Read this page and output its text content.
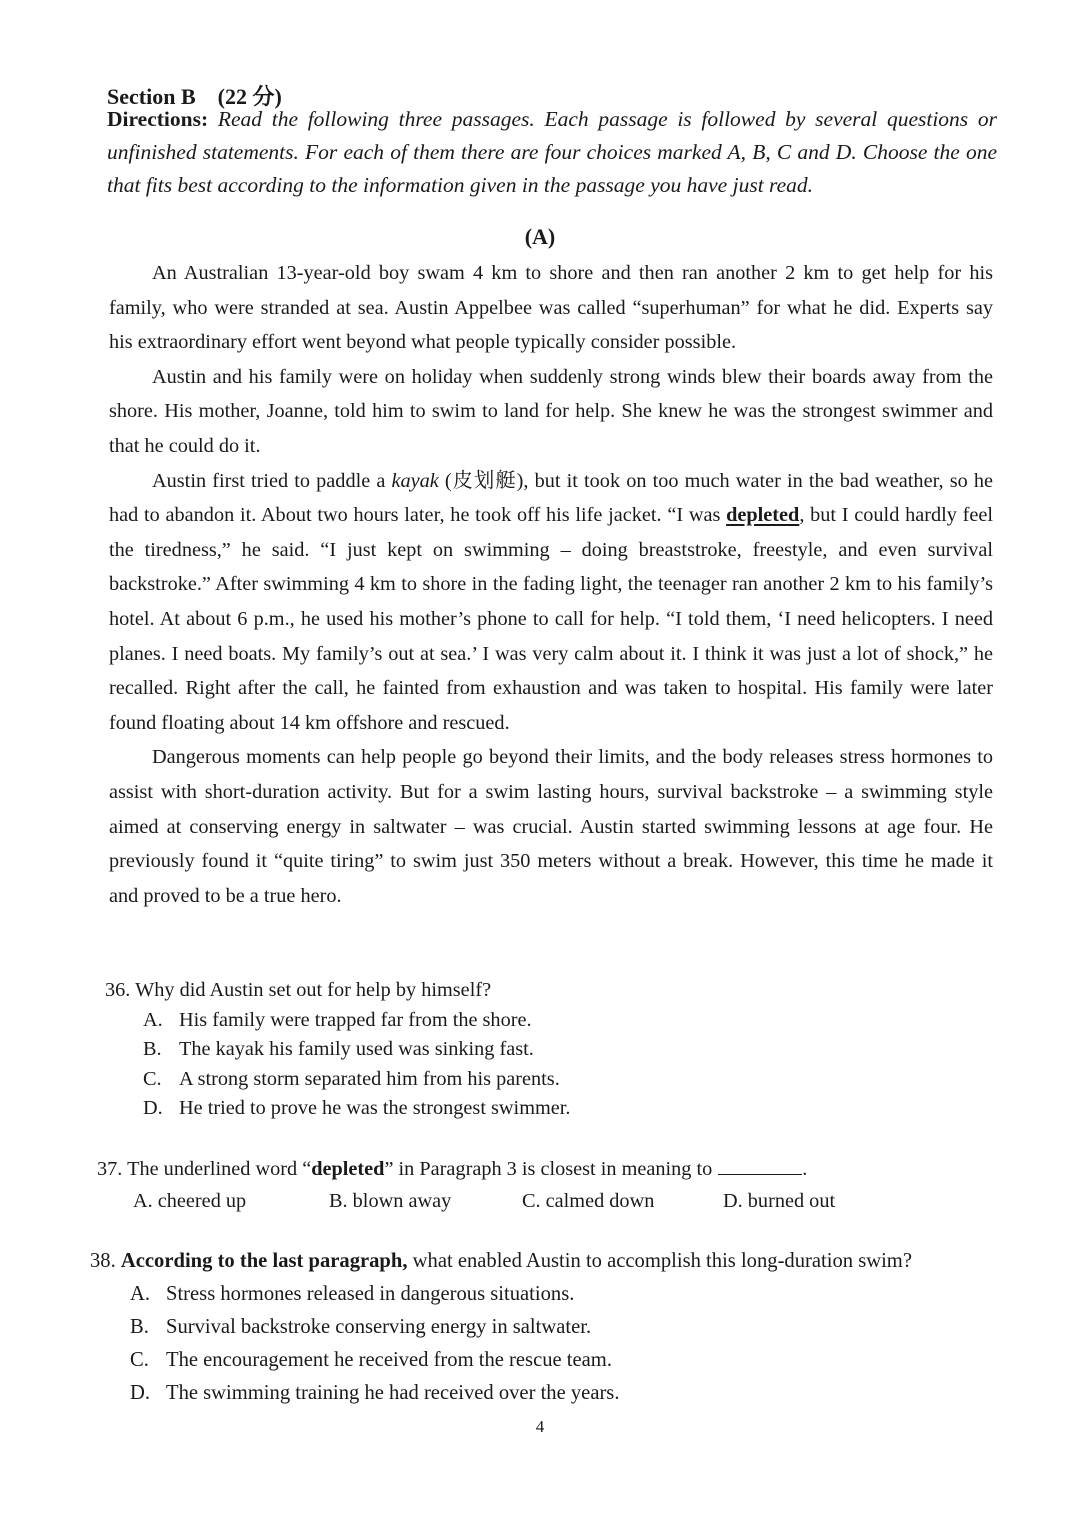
Section B (22 分)
Directions: Read the following three passages. Each passage is followed by several questions or unfinished statements. For each of them there are four choices marked A, B, C and D. Choose the one that fits best according to the information given in the passage you have just read.
(A)

An Australian 13-year-old boy swam 4 km to shore and then ran another 2 km to get help for his family, who were stranded at sea. Austin Appelbee was called “superhuman” for what he did. Experts say his extraordinary effort went beyond what people typically consider possible.

Austin and his family were on holiday when suddenly strong winds blew their boards away from the shore. His mother, Joanne, told him to swim to land for help. She knew he was the strongest swimmer and that he could do it.

Austin first tried to paddle a kayak (皮划艇), but it took on too much water in the bad weather, so he had to abandon it. About two hours later, he took off his life jacket. “I was depleted, but I could hardly feel the tiredness,” he said. “I just kept on swimming – doing breaststroke, freestyle, and even survival backstroke.” After swimming 4 km to shore in the fading light, the teenager ran another 2 km to his family’s hotel. At about 6 p.m., he used his mother’s phone to call for help. “I told them, ‘I need helicopters. I need planes. I need boats. My family’s out at sea.’ I was very calm about it. I think it was just a lot of shock,” he recalled. Right after the call, he fainted from exhaustion and was taken to hospital. His family were later found floating about 14 km offshore and rescued.

Dangerous moments can help people go beyond their limits, and the body releases stress hormones to assist with short-duration activity. But for a swim lasting hours, survival backstroke – a swimming style aimed at conserving energy in saltwater – was crucial. Austin started swimming lessons at age four. He previously found it “quite tiring” to swim just 350 meters without a break. However, this time he made it and proved to be a true hero.

36. Why did Austin set out for help by himself?
A. His family were trapped far from the shore.
B. The kayak his family used was sinking fast.
C. A strong storm separated him from his parents.
D. He tried to prove he was the strongest swimmer.
37. The underlined word “depleted” in Paragraph 3 is closest in meaning to	.
A. cheered up	B. blown away	C. calmed down	D. burned out
38. According to the last paragraph, what enabled Austin to accomplish this long-duration swim?
A. Stress hormones released in dangerous situations.
B. Survival backstroke conserving energy in saltwater.
C. The encouragement he received from the rescue team.
D. The swimming training he had received over the years.
4
